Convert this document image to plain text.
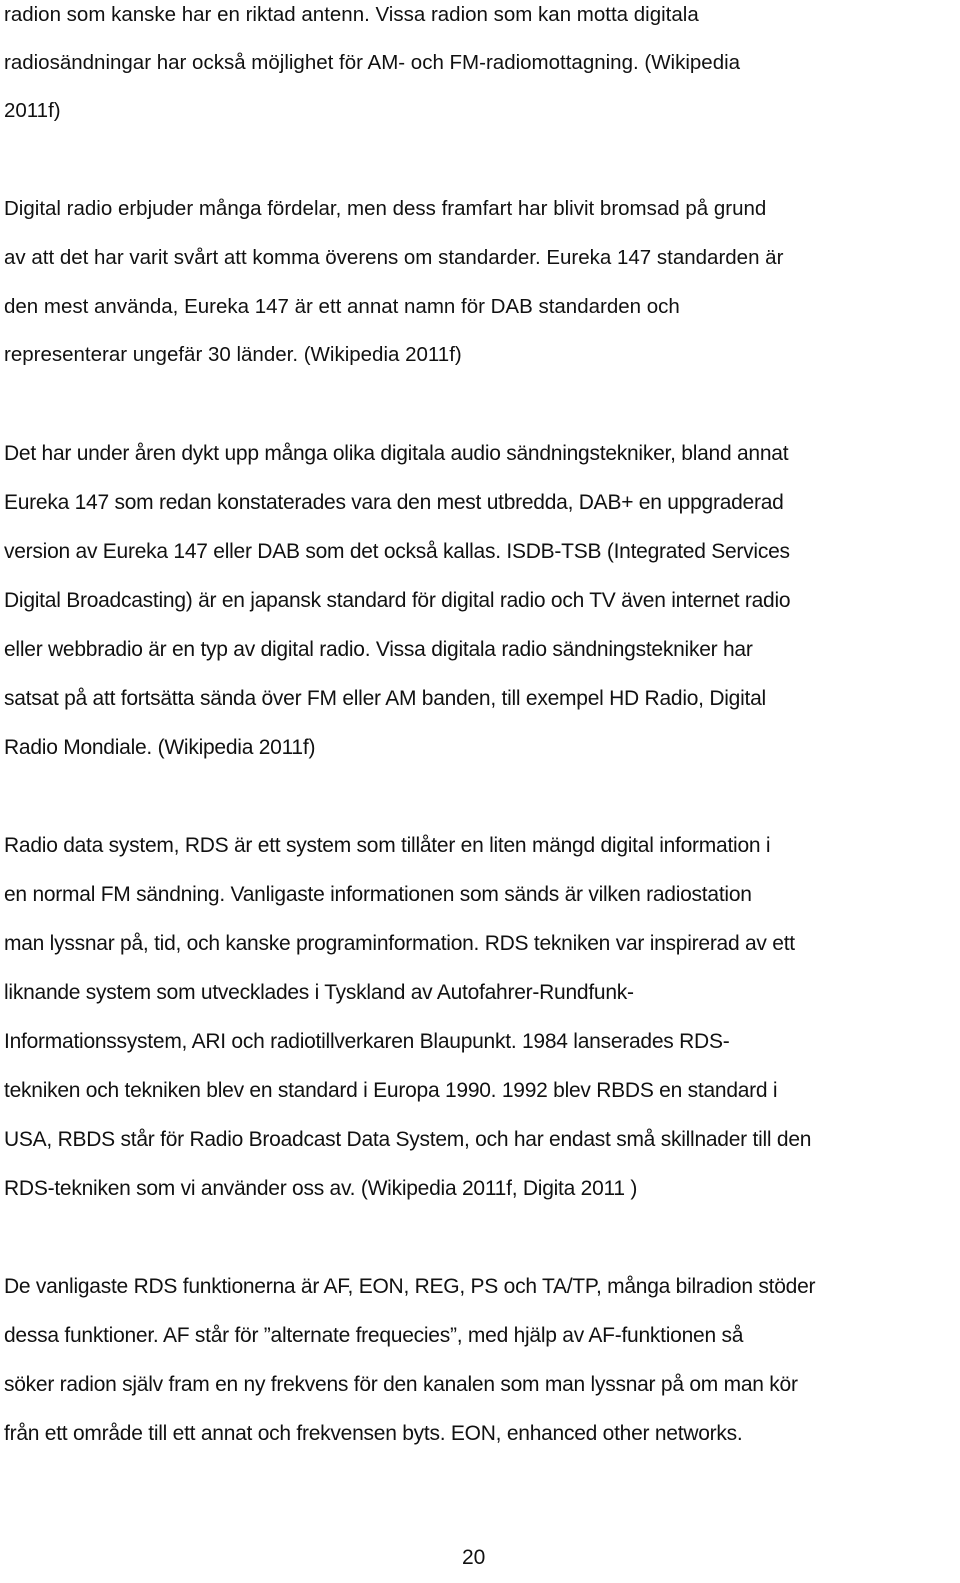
radion som kanske har en riktad antenn. Vissa radion som kan motta digitala
radiosändningar har också möjlighet för AM- och FM-radiomottagning. (Wikipedia
2011f)
Digital radio erbjuder många fördelar, men dess framfart har blivit bromsad på grund
av att det har varit svårt att komma överens om standarder. Eureka 147 standarden är
den mest använda, Eureka 147 är ett annat namn för DAB standarden och
representerar ungefär 30 länder. (Wikipedia 2011f)
Det har under åren dykt upp många olika digitala audio sändningstekniker, bland annat
Eureka 147 som redan konstaterades vara den mest utbredda, DAB+ en uppgraderad
version av Eureka 147 eller DAB som det också kallas. ISDB-TSB (Integrated Services
Digital Broadcasting) är en japansk standard för digital radio och TV även internet radio
eller webbradio är en typ av digital radio. Vissa digitala radio sändningstekniker har
satsat på att fortsätta sända över FM eller AM banden, till exempel HD Radio, Digital
Radio Mondiale. (Wikipedia 2011f)
Radio data system, RDS är ett system som tillåter en liten mängd digital information i
en normal FM sändning. Vanligaste informationen som sänds är vilken radiostation
man lyssnar på, tid, och kanske programinformation. RDS tekniken var inspirerad av ett
liknande system som utvecklades i Tyskland av Autofahrer-Rundfunk-
Informationssystem, ARI och radiotillverkaren Blaupunkt. 1984 lanserades RDS-
tekniken och tekniken blev en standard i Europa 1990. 1992 blev RBDS en standard i
USA, RBDS står för Radio Broadcast Data System, och har endast små skillnader till den
RDS-tekniken som vi använder oss av. (Wikipedia 2011f, Digita 2011 )
De vanligaste RDS funktionerna är AF, EON, REG, PS och TA/TP, många bilradion stöder
dessa funktioner. AF står för ”alternate frequecies”, med hjälp av AF-funktionen så
söker radion själv fram en ny frekvens för den kanalen som man lyssnar på om man kör
från ett område till ett annat och frekvensen byts. EON, enhanced other networks.
20
